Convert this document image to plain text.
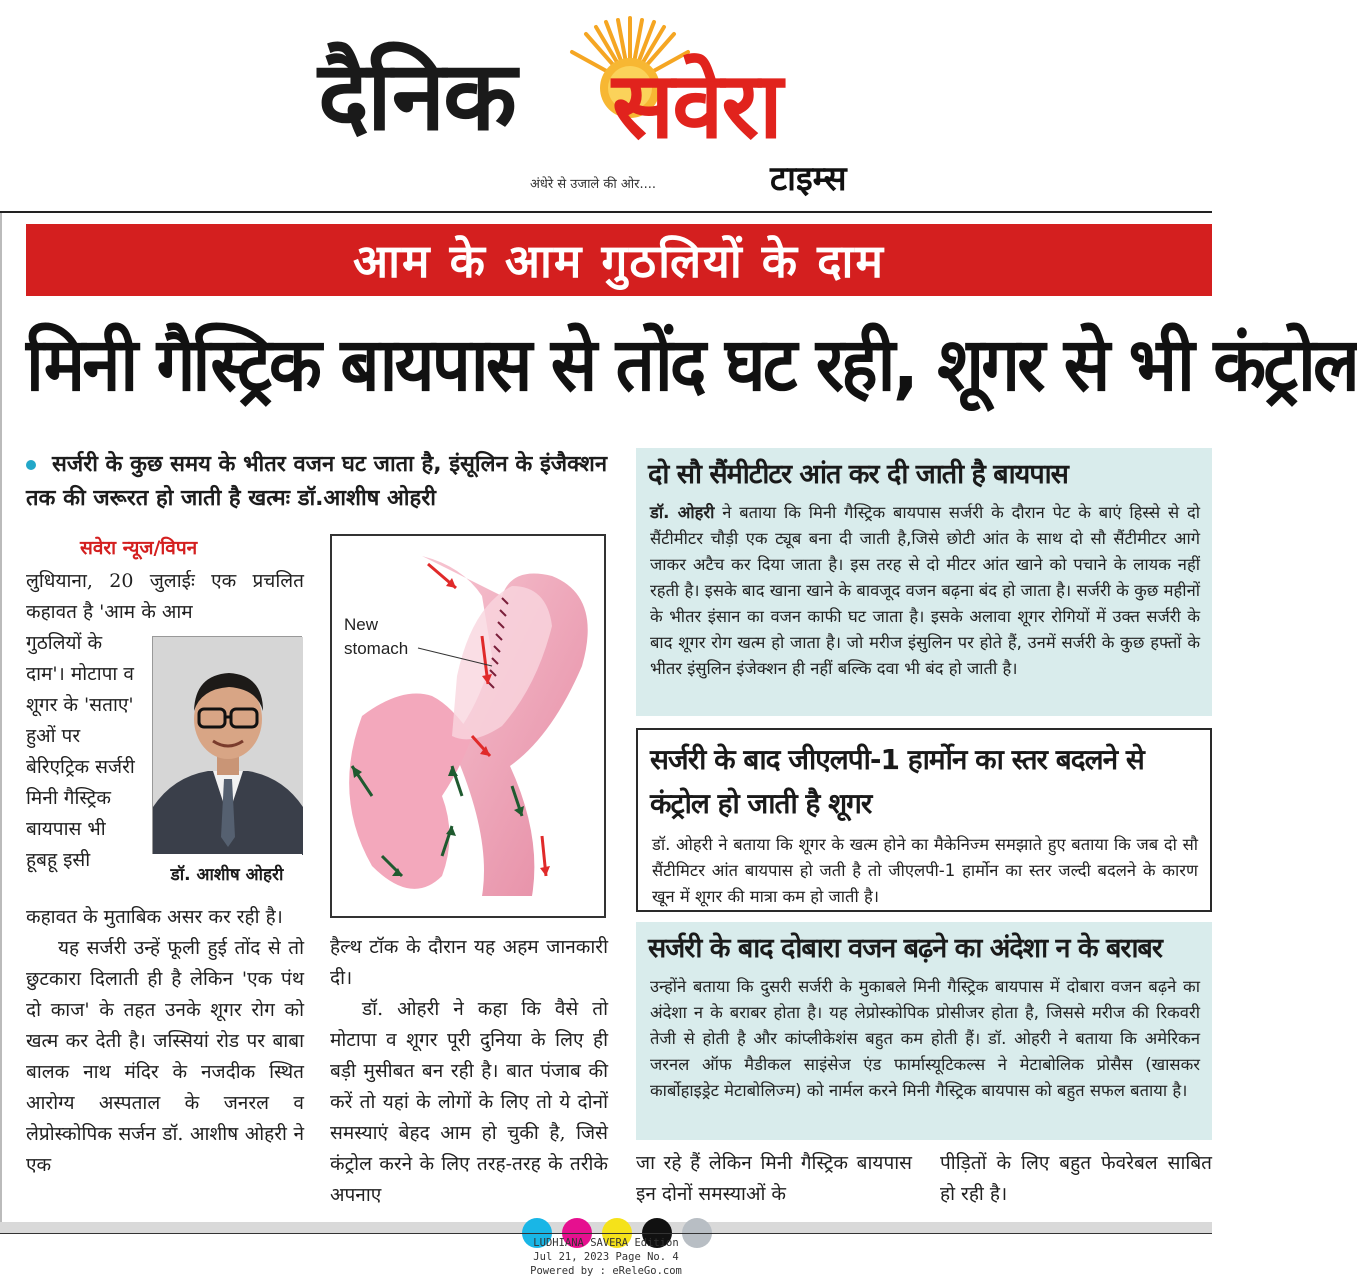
दैनिक सवेरा
अंधेरे से उजाले की ओर....	टाइम्स
आम के आम गुठलियों के दाम
मिनी गैस्ट्रिक बायपास से तोंद घट रही, शूगर से भी कंट्रोल
सर्जरी के कुछ समय के भीतर वजन घट जाता है, इंसूलिन के इंजैक्शन तक की जरूरत हो जाती है खत्मः डॉ.आशीष ओहरी
सवेरा न्यूज/विपन
लुधियाना, 20 जुलाईः एक प्रचलित कहावत है 'आम के आम
गुठलियों के दाम'। मोटापा व शूगर के 'सताए' हुओं पर बेरिएट्रिक सर्जरी मिनी गैस्ट्रिक बायपास भी हूबहू इसी
डॉ. आशीष ओहरी

कहावत के मुताबिक असर कर रही है।

यह सर्जरी उन्हें फूली हुई तोंद से तो छुटकारा दिलाती ही है लेकिन 'एक पंथ दो काज' के तहत उनके शूगर रोग को खत्म कर देती है। जस्सियां रोड पर बाबा बालक नाथ मंदिर के नजदीक स्थित आरोग्य अस्पताल के जनरल व लेप्रोस्कोपिक सर्जन डॉ. आशीष ओहरी ने एक

New
stomach

हैल्थ टॉक के दौरान यह अहम जानकारी दी।

डॉ. ओहरी ने कहा कि वैसे तो मोटापा व शूगर पूरी दुनिया के लिए ही बड़ी मुसीबत बन रही है। बात पंजाब की करें तो यहां के लोगों के लिए तो ये दोनों समस्याएं बेहद आम हो चुकी है, जिसे कंट्रोल करने के लिए तरह-तरह के तरीके अपनाए

दो सौ सैंमीटीटर आंत कर दी जाती है बायपास
डॉ. ओहरी ने बताया कि मिनी गैस्ट्रिक बायपास सर्जरी के दौरान पेट के बाएं हिस्से से दो सैंटीमीटर चौड़ी एक ट्यूब बना दी जाती है,जिसे छोटी आंत के साथ दो सौ सैंटीमीटर आगे जाकर अटैच कर दिया जाता है। इस तरह से दो मीटर आंत खाने को पचाने के लायक नहीं रहती है। इसके बाद खाना खाने के बावजूद वजन बढ़ना बंद हो जाता है। सर्जरी के कुछ महीनों के भीतर इंसान का वजन काफी घट जाता है। इसके अलावा शूगर रोगियों में उक्त सर्जरी के बाद शूगर रोग खत्म हो जाता है। जो मरीज इंसुलिन पर होते हैं, उनमें सर्जरी के कुछ हफ्तों के भीतर इंसुलिन इंजेक्शन ही नहीं बल्कि दवा भी बंद हो जाती है।
सर्जरी के बाद जीएलपी-1 हार्मोन का स्तर बदलने से कंट्रोल हो जाती है शूगर
डॉ. ओहरी ने बताया कि शूगर के खत्म होने का मैकेनिज्म समझाते हुए बताया कि जब दो सौ सैंटीमिटर आंत बायपास हो जती है तो जीएलपी-1 हार्मोन का स्तर जल्दी बदलने के कारण खून में शूगर की मात्रा कम हो जाती है।
सर्जरी के बाद दोबारा वजन बढ़ने का अंदेशा न के बराबर
उन्होंने बताया कि दुसरी सर्जरी के मुकाबले मिनी गैस्ट्रिक बायपास में दोबारा वजन बढ़ने का अंदेशा न के बराबर होता है। यह लेप्रोस्कोपिक प्रोसीजर होता है, जिससे मरीज की रिकवरी तेजी से होती है और कांप्लीकेशंस बहुत कम होती हैं। डॉ. ओहरी ने बताया कि अमेरिकन जरनल ऑफ मैडीकल साइंसेज एंड फार्मास्यूटिकल्स ने मेटाबोलिक प्रोसैस (खासकर कार्बोहाइड्रेट मेटाबोलिज्म) को नार्मल करने मिनी गैस्ट्रिक बायपास को बहुत सफल बताया है।
जा रहे हैं लेकिन मिनी गैस्ट्रिक बायपास इन दोनों समस्याओं के
पीड़ितों के लिए बहुत फेवरेबल साबित हो रही है।
LUDHIANA SAVERA Edition
Jul 21, 2023 Page No. 4
Powered by : eReleGo.com
